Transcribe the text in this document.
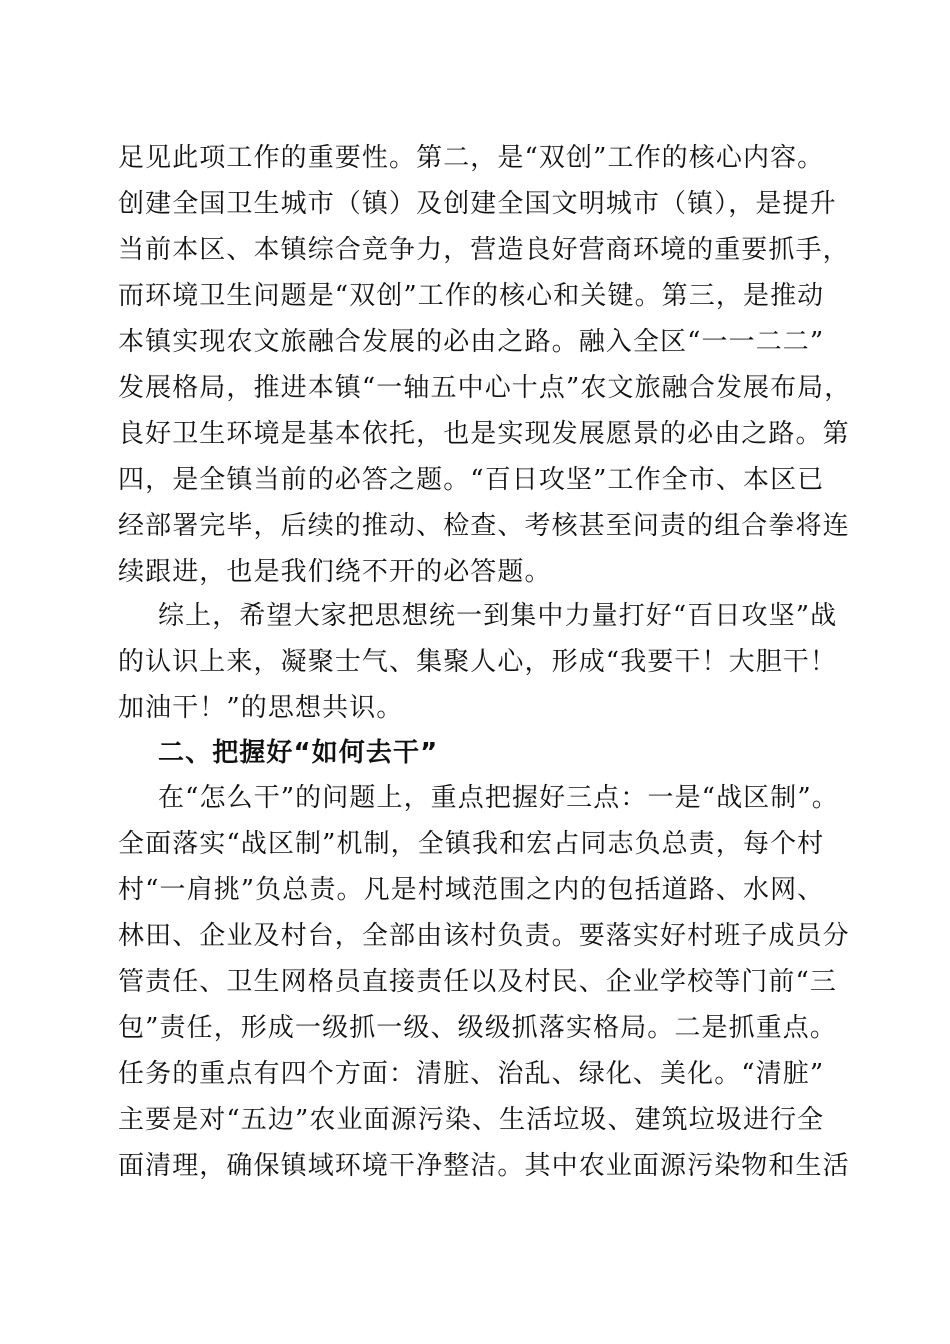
足见此项工作的重要性。第二，是“双创”工作的核心内容。
创建全国卫生城市（镇）及创建全国文明城市（镇），是提升
当前本区、本镇综合竞争力，营造良好营商环境的重要抓手，
而环境卫生问题是“双创”工作的核心和关键。第三，是推动
本镇实现农文旅融合发展的必由之路。融入全区“一一二二”
发展格局，推进本镇“一轴五中心十点”农文旅融合发展布局，
良好卫生环境是基本依托，也是实现发展愿景的必由之路。第
四，是全镇当前的必答之题。“百日攻坚”工作全市、本区已
经部署完毕，后续的推动、检查、考核甚至问责的组合拳将连
续跟进，也是我们绕不开的必答题。
综上，希望大家把思想统一到集中力量打好“百日攻坚”战
的认识上来，凝聚士气、集聚人心，形成“我要干！大胆干！
加油干！”的思想共识。
二、把握好“如何去干”
在“怎么干”的问题上，重点把握好三点：一是“战区制”。
全面落实“战区制”机制，全镇我和宏占同志负总责，每个村
村“一肩挑”负总责。凡是村域范围之内的包括道路、水网、
林田、企业及村台，全部由该村负责。要落实好村班子成员分
管责任、卫生网格员直接责任以及村民、企业学校等门前“三
包”责任，形成一级抓一级、级级抓落实格局。二是抓重点。
任务的重点有四个方面：清脏、治乱、绿化、美化。“清脏”
主要是对“五边”农业面源污染、生活垃圾、建筑垃圾进行全
面清理，确保镇域环境干净整洁。其中农业面源污染物和生活
